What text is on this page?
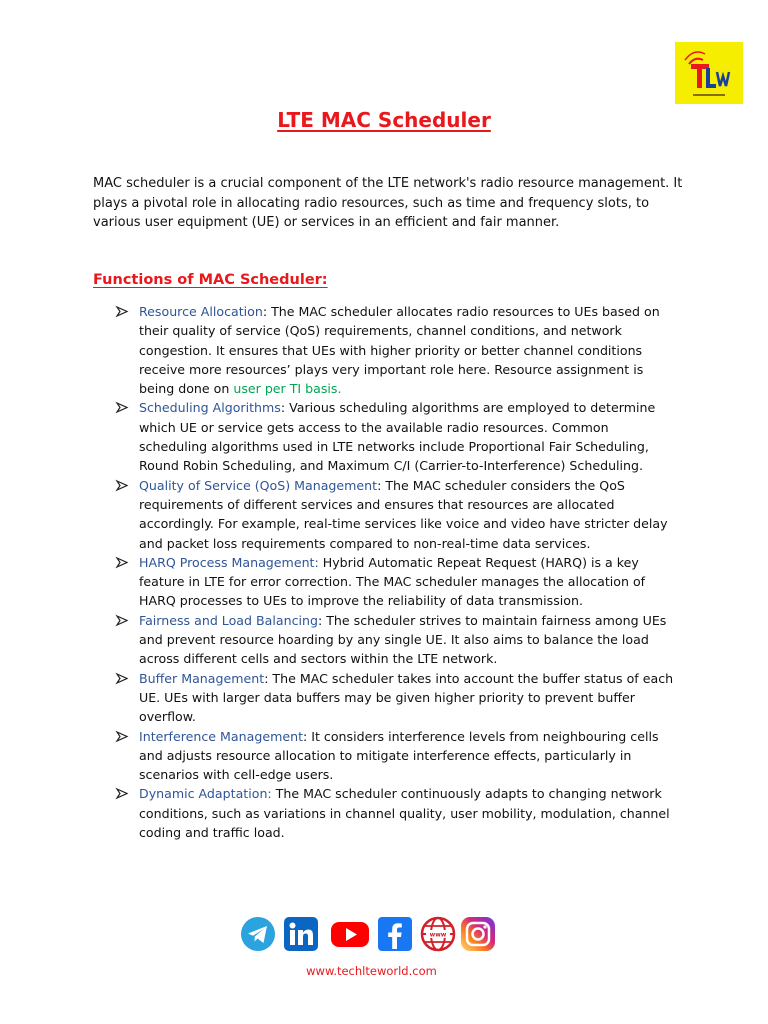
LTE MAC Scheduler
MAC scheduler is a crucial component of the LTE network's radio resource management. It plays a pivotal role in allocating radio resources, such as time and frequency slots, to various user equipment (UE) or services in an efficient and fair manner.
Functions of MAC Scheduler:
Resource Allocation: The MAC scheduler allocates radio resources to UEs based on their quality of service (QoS) requirements, channel conditions, and network congestion. It ensures that UEs with higher priority or better channel conditions receive more resources’ plays very important role here. Resource assignment is being done on user per TI basis.
Scheduling Algorithms: Various scheduling algorithms are employed to determine which UE or service gets access to the available radio resources. Common scheduling algorithms used in LTE networks include Proportional Fair Scheduling, Round Robin Scheduling, and Maximum C/I (Carrier-to-Interference) Scheduling.
Quality of Service (QoS) Management: The MAC scheduler considers the QoS requirements of different services and ensures that resources are allocated accordingly. For example, real-time services like voice and video have stricter delay and packet loss requirements compared to non-real-time data services.
HARQ Process Management: Hybrid Automatic Repeat Request (HARQ) is a key feature in LTE for error correction. The MAC scheduler manages the allocation of HARQ processes to UEs to improve the reliability of data transmission.
Fairness and Load Balancing: The scheduler strives to maintain fairness among UEs and prevent resource hoarding by any single UE. It also aims to balance the load across different cells and sectors within the LTE network.
Buffer Management: The MAC scheduler takes into account the buffer status of each UE. UEs with larger data buffers may be given higher priority to prevent buffer overflow.
Interference Management: It considers interference levels from neighbouring cells and adjusts resource allocation to mitigate interference effects, particularly in scenarios with cell-edge users.
Dynamic Adaptation: The MAC scheduler continuously adapts to changing network conditions, such as variations in channel quality, user mobility, modulation, channel coding and traffic load.
www
www.techlteworld.com
